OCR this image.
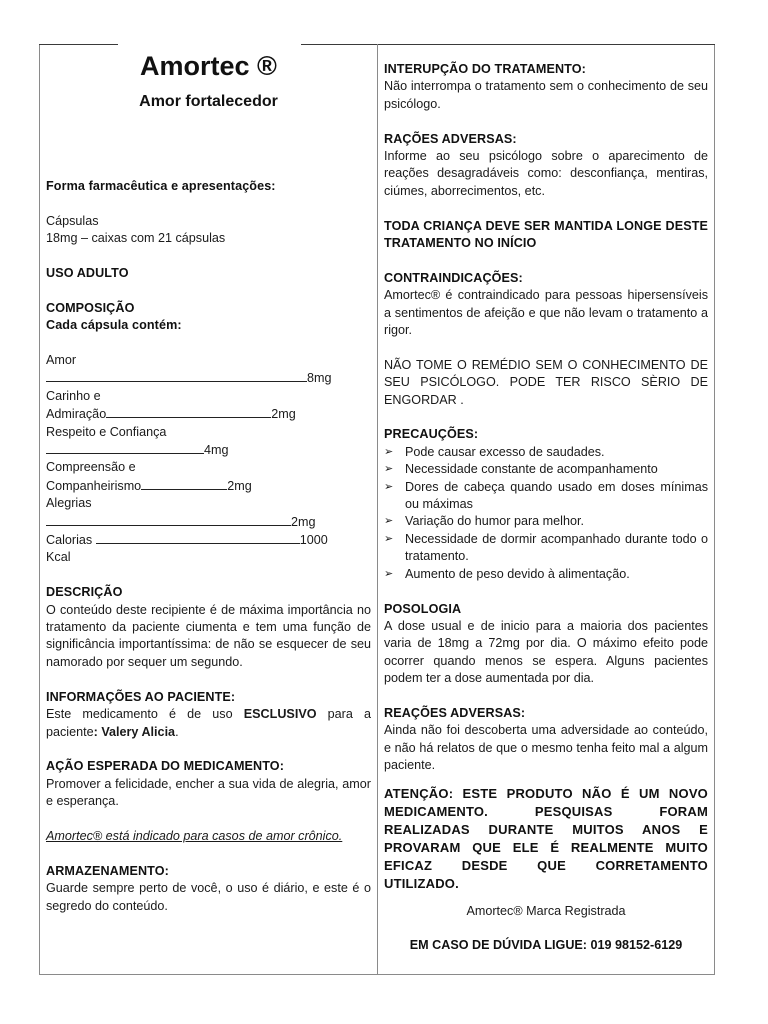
Amortec ®
Amor fortalecedor
Forma farmacêutica e apresentações:
Cápsulas
18mg – caixas com 21 cápsulas
USO ADULTO
COMPOSIÇÃO
Cada cápsula contém:
Amor
8mg
Carinho e
Admiração	2mg
Respeito e Confiança
4mg
Compreensão e
Companheirismo	2mg
Alegrias
2mg
Calorias	1000
Kcal
DESCRIÇÃO
O conteúdo deste recipiente é de máxima importância no tratamento da paciente ciumenta e tem uma função de significância importantíssima: de não se esquecer de seu namorado por sequer um segundo.
INFORMAÇÕES AO PACIENTE:
Este medicamento é de uso ESCLUSIVO para a paciente: Valery Alicia.
AÇÃO ESPERADA DO MEDICAMENTO:
Promover a felicidade, encher a sua vida de alegria, amor e esperança.
Amortec® está indicado para casos de amor crônico.
ARMAZENAMENTO:
Guarde sempre perto de você, o uso é diário, e este é o segredo do conteúdo.
INTERUPÇÃO DO TRATAMENTO:
Não interrompa o tratamento sem o conhecimento de seu psicólogo.
RAÇÕES ADVERSAS:
Informe ao seu psicólogo sobre o aparecimento de reações desagradáveis como: desconfiança, mentiras, ciúmes, aborrecimentos, etc.
TODA CRIANÇA DEVE SER MANTIDA LONGE DESTE TRATAMENTO NO INÍCIO
CONTRAINDICAÇÕES:
Amortec® é contraindicado para pessoas hipersensíveis a sentimentos de afeição e que não levam o tratamento a rigor.
NÃO TOME O REMÉDIO SEM O CONHECIMENTO DE SEU PSICÓLOGO. PODE TER RISCO SÈRIO DE ENGORDAR .
PRECAUÇÕES:
➢ Pode causar excesso de saudades.
➢ Necessidade constante de acompanhamento
➢ Dores de cabeça quando usado em doses mínimas ou máximas
➢ Variação do humor para melhor.
➢ Necessidade de dormir acompanhado durante todo o tratamento.
➢ Aumento de peso devido à alimentação.
POSOLOGIA
A dose usual e de inicio para a maioria dos pacientes varia de 18mg a 72mg por dia. O máximo efeito pode ocorrer quando menos se espera. Alguns pacientes podem ter a dose aumentada por dia.
REAÇÕES ADVERSAS:
Ainda não foi descoberta uma adversidade ao conteúdo, e não há relatos de que o mesmo tenha feito mal a algum paciente.
ATENÇÃO: ESTE PRODUTO NÃO É UM NOVO MEDICAMENTO. PESQUISAS FORAM REALIZADAS DURANTE MUITOS ANOS E PROVARAM QUE ELE É REALMENTE MUITO EFICAZ DESDE QUE CORRETAMENTO UTILIZADO.
Amortec® Marca Registrada
EM CASO DE DÚVIDA LIGUE: 019 98152-6129
